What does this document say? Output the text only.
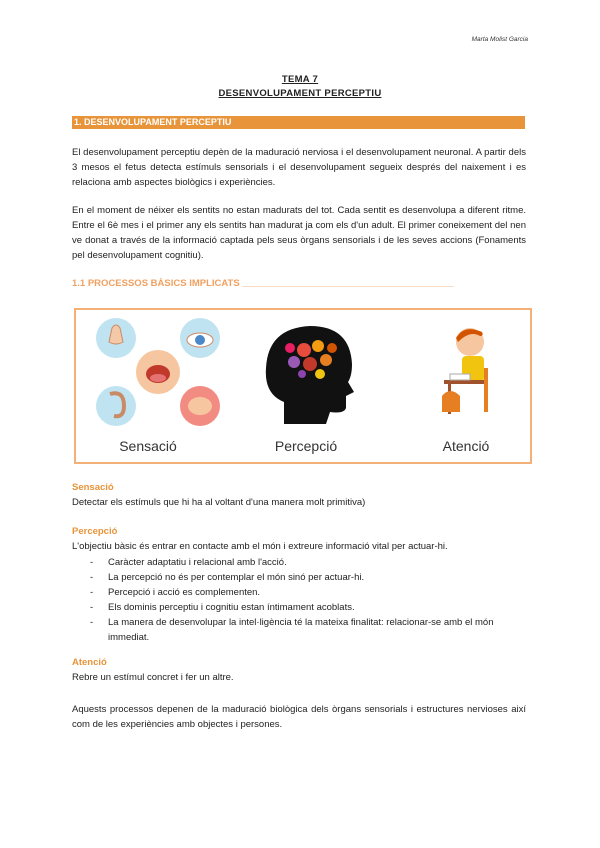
Marta Molist Garcia
TEMA 7
DESENVOLUPAMENT PERCEPTIU
1. DESENVOLUPAMENT PERCEPTIU
El desenvolupament perceptiu depèn de la maduració nerviosa i el desenvolupament neuronal. A partir dels 3 mesos el fetus detecta estímuls sensorials i el desenvolupament segueix després del naixement i es relaciona amb aspectes biològics i experiències.
En el moment de néixer els sentits no estan madurats del tot. Cada sentit es desenvolupa a diferent ritme. Entre el 6è mes i el primer any els sentits han madurat ja com els d'un adult. El primer coneixement del nen ve donat a través de la informació captada pels seus òrgans sensorials i de les seves accions (Fonaments pel desenvolupament cognitiu).
1.1 PROCESSOS BÀSICS IMPLICATS ________________________________________
Sensació	Percepció	Atenció
Sensació
Detectar els estímuls que hi ha al voltant d'una manera molt primitiva)
Percepció
L'objectiu bàsic és entrar en contacte amb el món i extreure informació vital per actuar-hi.
- Caràcter adaptatiu i relacional amb l'acció.
- La percepció no és per contemplar el món sinó per actuar-hi.
- Percepció i acció es complementen.
- Els dominis perceptiu i cognitiu estan íntimament acoblats.
- La manera de desenvolupar la intel·ligència té la mateixa finalitat: relacionar-se amb el món immediat.
Atenció
Rebre un estímul concret i fer un altre.
Aquests processos depenen de la maduració biològica dels òrgans sensorials i estructures nervioses així com de les experiències amb objectes i persones.
